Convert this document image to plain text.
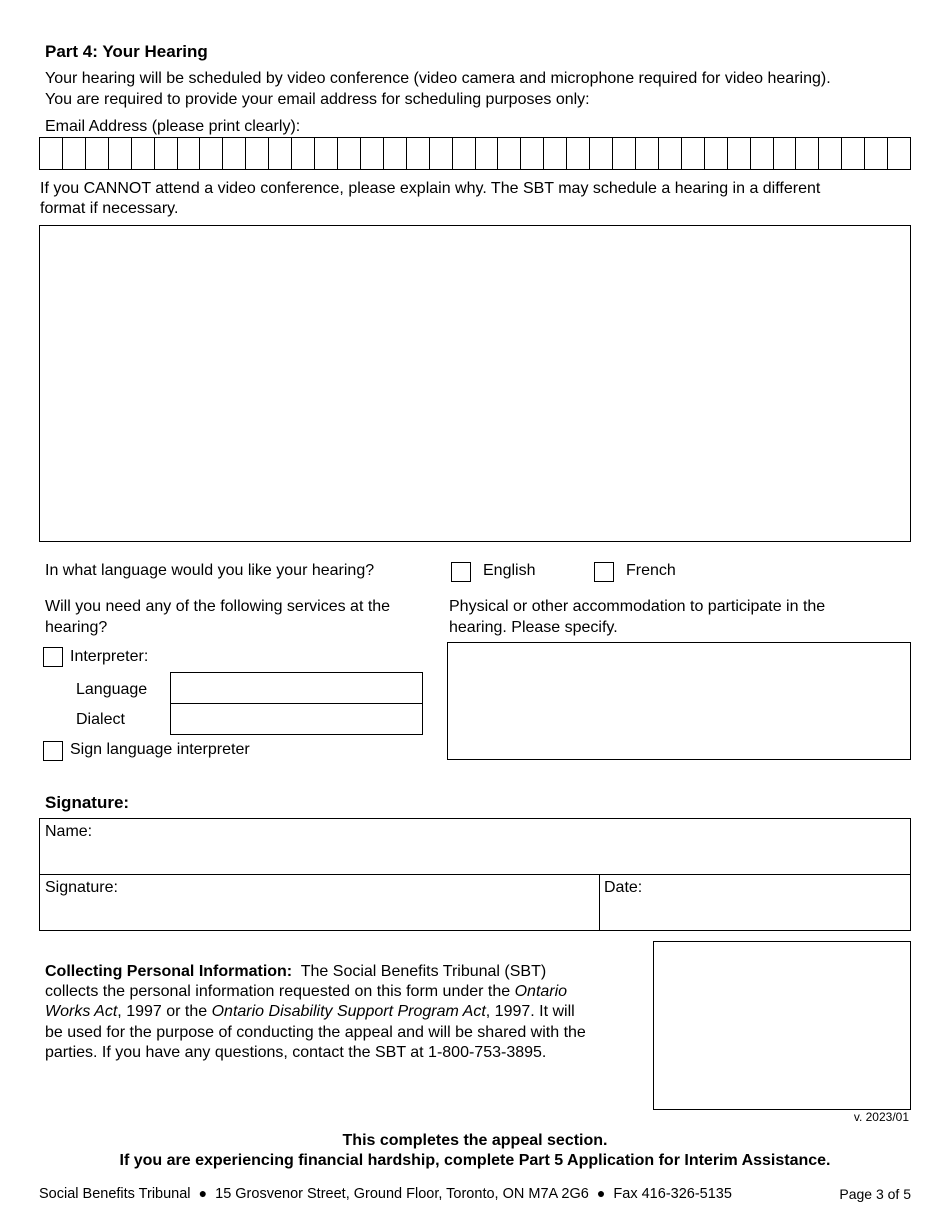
Part 4: Your Hearing
Your hearing will be scheduled by video conference (video camera and microphone required for video hearing).
You are required to provide your email address for scheduling purposes only:
Email Address (please print clearly):
If you CANNOT attend a video conference, please explain why. The SBT may schedule a hearing in a different
format if necessary.
In what language would you like your hearing?	English	French
Will you need any of the following services at the
hearing?
Interpreter:
Language
Dialect
Sign language interpreter
Physical or other accommodation to participate in the
hearing. Please specify.
Signature:
Name:
Signature:	Date:
Collecting Personal Information: The Social Benefits Tribunal (SBT)
collects the personal information requested on this form under the Ontario
Works Act, 1997 or the Ontario Disability Support Program Act, 1997. It will
be used for the purpose of conducting the appeal and will be shared with the
parties. If you have any questions, contact the SBT at 1-800-753-3895.
v. 2023/01
This completes the appeal section.
If you are experiencing financial hardship, complete Part 5 Application for Interim Assistance.
Social Benefits Tribunal ● 15 Grosvenor Street, Ground Floor, Toronto, ON M7A 2G6 ● Fax 416-326-5135	Page 3 of 5
